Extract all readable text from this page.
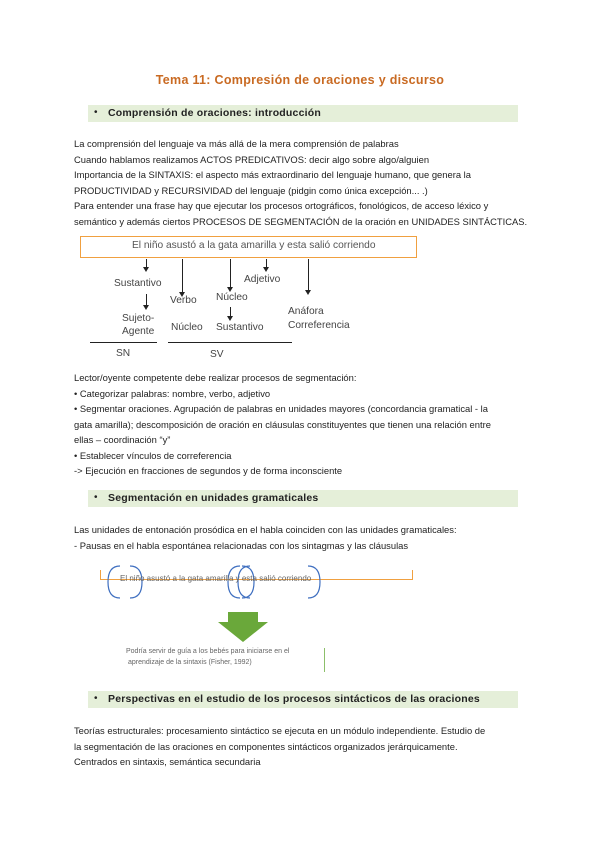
Tema 11: Compresión de oraciones y discurso
• Comprensión de oraciones: introducción
La comprensión del lenguaje va más allá de la mera comprensión de palabras
Cuando hablamos realizamos ACTOS PREDICATIVOS: decir algo sobre algo/alguien
Importancia de la SINTAXIS: el aspecto más extraordinario del lenguaje humano, que genera la
PRODUCTIVIDAD y RECURSIVIDAD del lenguaje (pidgin como única excepción... .)
Para entender una frase hay que ejecutar los procesos ortográficos, fonológicos, de acceso léxico y
semántico y además ciertos PROCESOS DE SEGMENTACIÓN de la oración en UNIDADES SINTÁCTICAS.
El niño asustó a la gata amarilla y esta salió corriendo
Sustantivo
Sujeto-
Agente
Verbo
Núcleo
Núcleo
Sustantivo
Adjetivo
Anáfora
Correferencia
SN	SV
Lector/oyente competente debe realizar procesos de segmentación:
• Categorizar palabras: nombre, verbo, adjetivo
• Segmentar oraciones. Agrupación de palabras en unidades mayores (concordancia gramatical - la
gata amarilla); descomposición de oración en cláusulas constituyentes que tienen una relación entre
ellas – coordinación “y”
• Establecer vínculos de correferencia
-> Ejecución en fracciones de segundos y de forma inconsciente
• Segmentación en unidades gramaticales
Las unidades de entonación prosódica en el habla coinciden con las unidades gramaticales:
- Pausas en el habla espontánea relacionadas con los sintagmas y las cláusulas
El niño asustó a la gata amarilla y esta salió corriendo
Podría servir de guía a los bebés para iniciarse en el
aprendizaje de la sintaxis (Fisher, 1992)
• Perspectivas en el estudio de los procesos sintácticos de las oraciones
Teorías estructurales: procesamiento sintáctico se ejecuta en un módulo independiente. Estudio de
la segmentación de las oraciones en componentes sintácticos organizados jerárquicamente.
Centrados en sintaxis, semántica secundaria
